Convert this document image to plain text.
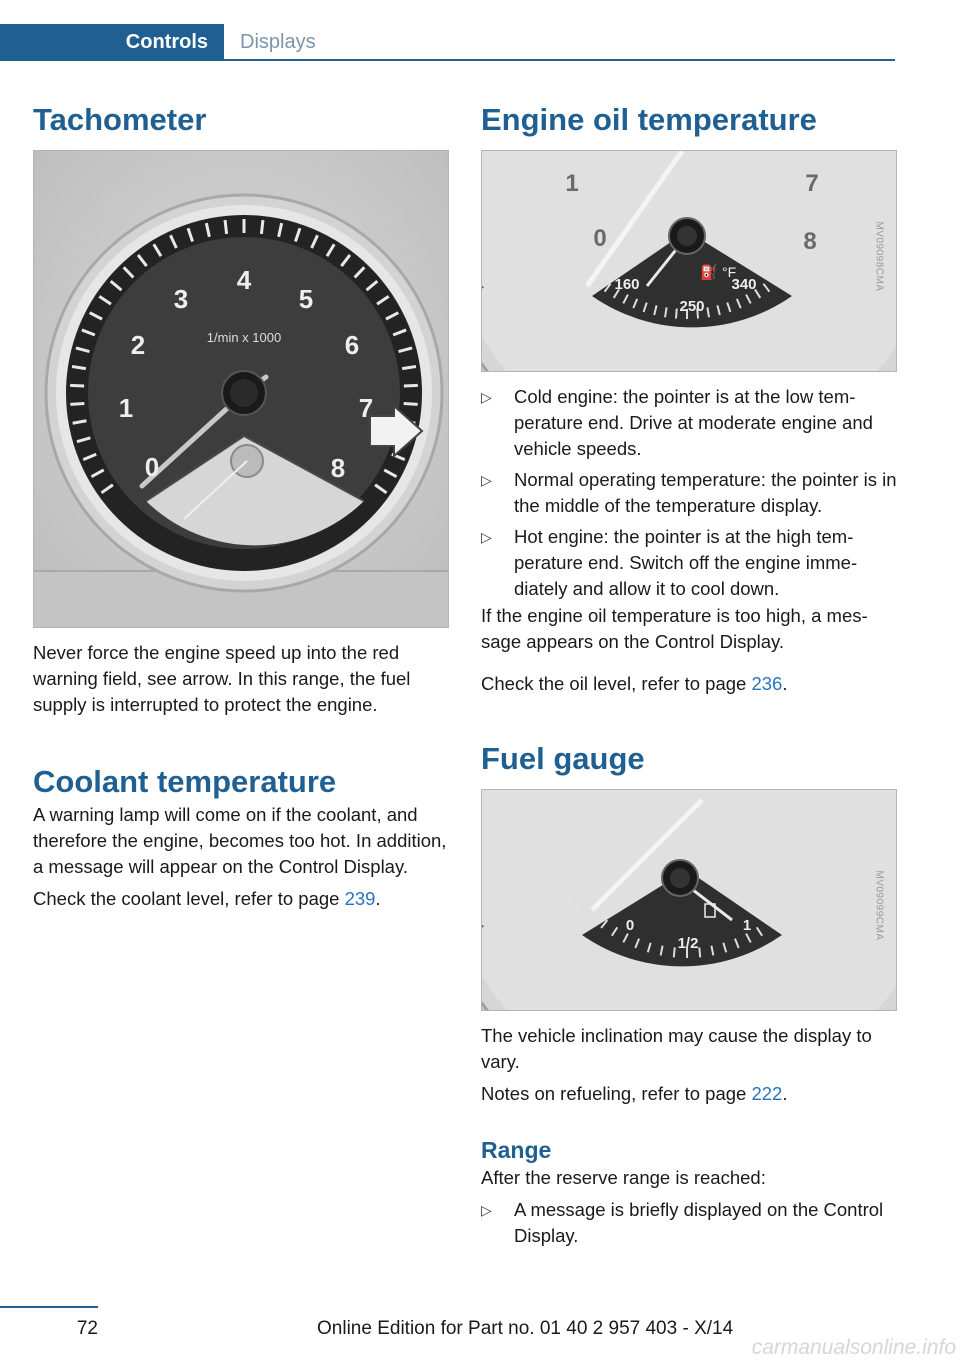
Controls Displays
Tachometer
0
1
2
3
4
5
6
7
8
1/min x 1000

Never force the engine speed up into the red warning field, see arrow. In this range, the fuel supply is interrupted to protect the engine.

Coolant temperature

A warning lamp will come on if the coolant, and therefore the engine, becomes too hot. In addition, a message will appear on the Control Display.

Check the coolant level, refer to page 239.

Engine oil temperature
⛽ °F
0
1	7
8
160
250
340	MV09098CMA
▷ Cold engine: the pointer is at the low temperature end. Drive at moderate engine and vehicle speeds.
▷ Normal operating temperature: the pointer is in the middle of the temperature display.
▷ Hot engine: the pointer is at the high temperature end. Switch off the engine immediately and allow it to cool down.

If the engine oil temperature is too high, a message appears on the Control Display.

Check the oil level, refer to page 236.

Fuel gauge
0
1/2
1	MV09099CMA

The vehicle inclination may cause the display to vary.

Notes on refueling, refer to page 222.

Range

After the reserve range is reached:

▷ A message is briefly displayed on the Control Display.
72	Online Edition for Part no. 01 40 2 957 403 - X/14
carmanualsonline.info
